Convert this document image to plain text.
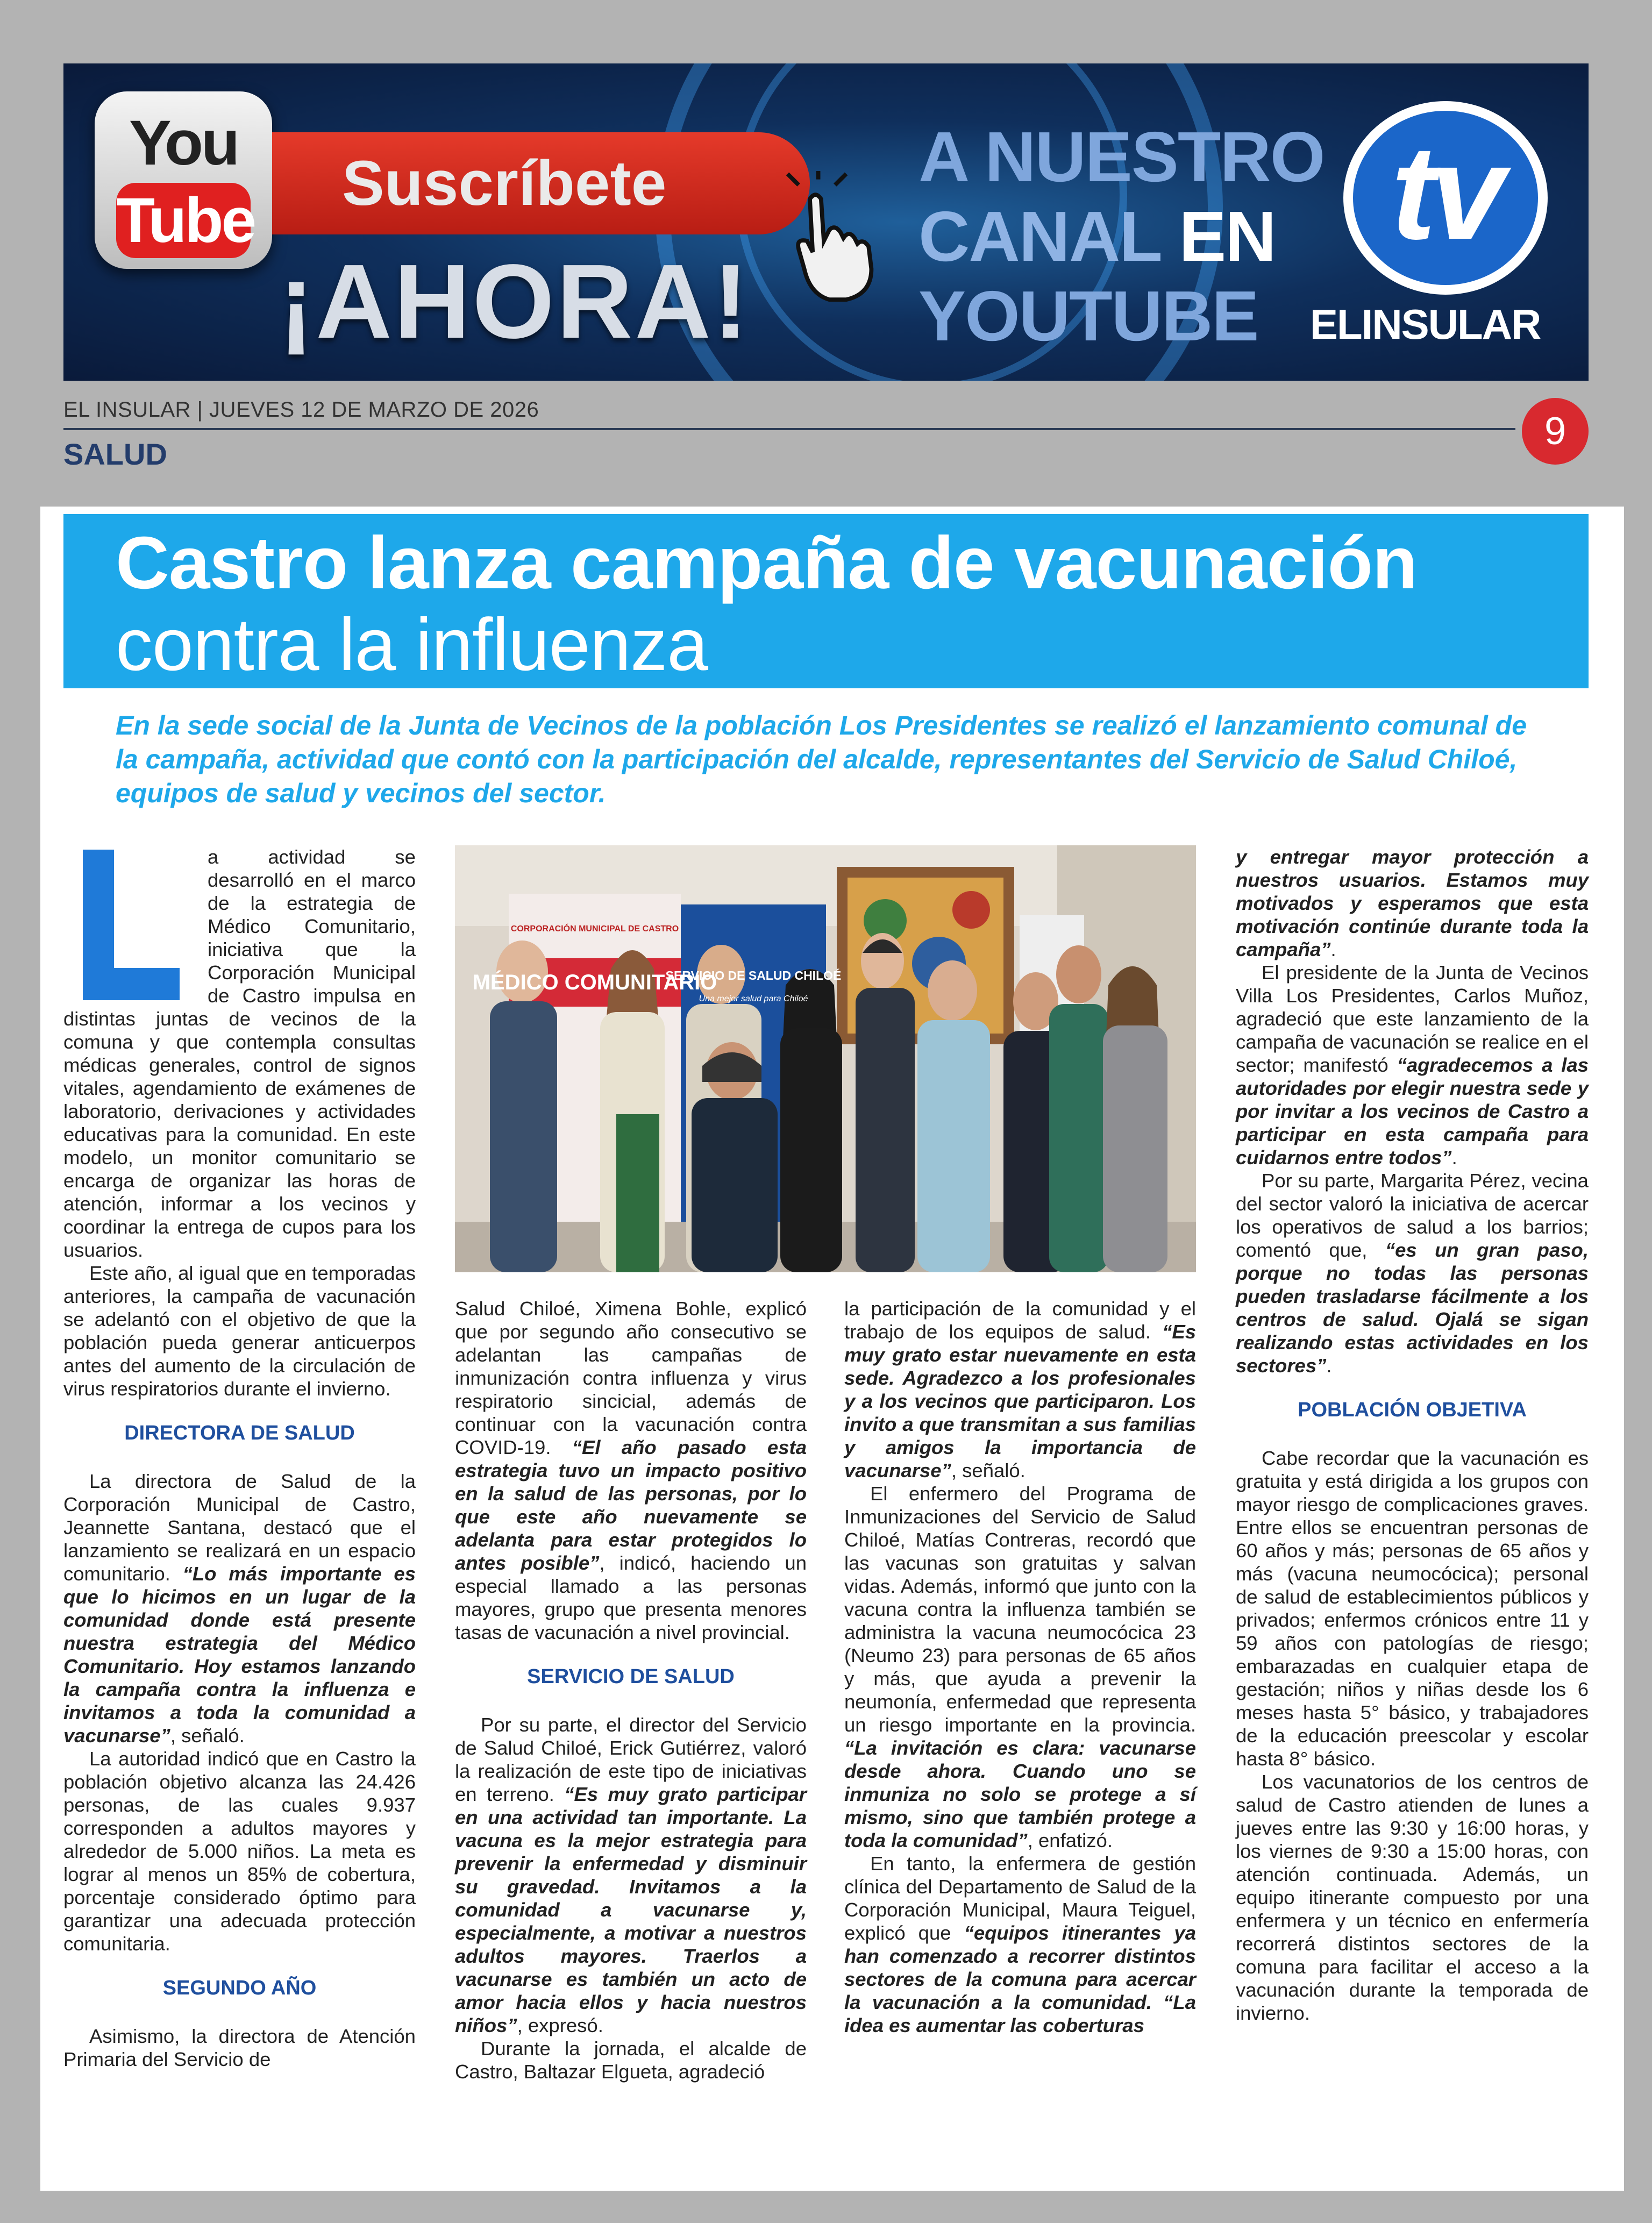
You
Tube
Suscríbete
¡AHORA!
A NUESTRO
CANAL EN
YOUTUBE
tv
ELINSULAR
EL INSULAR | JUEVES 12 DE MARZO DE 2026	9
SALUD
Castro lanza campaña de vacunación
contra la influenza
En la sede social de la Junta de Vecinos de la población Los Presidentes se realizó el lanzamiento comunal de la campaña, actividad que contó con la participación del alcalde, representantes del Servicio de Salud Chiloé, equipos de salud y vecinos del sector.

a actividad se desarrolló en el marco de la estrategia de Médico Comunitario, iniciativa que la Corporación Municipal de Castro impulsa en distintas juntas de vecinos de la comuna y que contempla consultas médicas generales, control de signos vitales, agendamiento de exámenes de laboratorio, derivaciones y actividades educativas para la comunidad. En este modelo, un monitor comunitario se encarga de organizar las horas de atención, informar a los vecinos y coordinar la entrega de cupos para los usuarios.

Este año, al igual que en temporadas anteriores, la campaña de vacunación se adelantó con el objetivo de que la población pueda generar anticuerpos antes del aumento de la circulación de virus respiratorios durante el invierno.

DIRECTORA DE SALUD

La directora de Salud de la Corporación Municipal de Castro, Jeannette Santana, destacó que el lanzamiento se realizará en un espacio comunitario. “Lo más importante es que lo hicimos en un lugar de la comunidad donde está presente nuestra estrategia del Médico Comunitario. Hoy estamos lanzando la campaña contra la influenza e invitamos a toda la comunidad a vacunarse”, señaló.

La autoridad indicó que en Castro la población objetivo alcanza las 24.426 personas, de las cuales 9.937 corresponden a adultos mayores y alrededor de 5.000 niños. La meta es lograr al menos un 85% de cobertura, porcentaje considerado óptimo para garantizar una adecuada protección comunitaria.

SEGUNDO AÑO

Asimismo, la directora de Atención Primaria del Servicio de

CORPORACIÓN MUNICIPAL DE CASTRO
MÉDICO COMUNITARIO
SERVICIO DE SALUD CHILOÉ
Una mejor salud para Chiloé

Salud Chiloé, Ximena Bohle, explicó que por segundo año consecutivo se adelantan las campañas de inmunización contra influenza y virus respiratorio sincicial, además de continuar con la vacunación contra COVID-19. “El año pasado esta estrategia tuvo un impacto positivo en la salud de las personas, por lo que este año nuevamente se adelanta para estar protegidos lo antes posible”, indicó, haciendo un especial llamado a las personas mayores, grupo que presenta menores tasas de vacunación a nivel provincial.

SERVICIO DE SALUD

Por su parte, el director del Servicio de Salud Chiloé, Erick Gutiérrez, valoró la realización de este tipo de iniciativas en terreno. “Es muy grato participar en una actividad tan importante. La vacuna es la mejor estrategia para prevenir la enfermedad y disminuir su gravedad. Invitamos a la comunidad a vacunarse y, especialmente, a motivar a nuestros adultos mayores. Traerlos a vacunarse es también un acto de amor hacia ellos y hacia nuestros niños”, expresó.

Durante la jornada, el alcalde de Castro, Baltazar Elgueta, agradeció

la participación de la comunidad y el trabajo de los equipos de salud. “Es muy grato estar nuevamente en esta sede. Agradezco a los profesionales y a los vecinos que participaron. Los invito a que transmitan a sus familias y amigos la importancia de vacunarse”, señaló.

El enfermero del Programa de Inmunizaciones del Servicio de Salud Chiloé, Matías Contreras, recordó que las vacunas son gratuitas y salvan vidas. Además, informó que junto con la vacuna contra la influenza también se administra la vacuna neumocócica 23 (Neumo 23) para personas de 65 años y más, que ayuda a prevenir la neumonía, enfermedad que representa un riesgo importante en la provincia. “La invitación es clara: vacunarse desde ahora. Cuando uno se inmuniza no solo se protege a sí mismo, sino que también protege a toda la comunidad”, enfatizó.

En tanto, la enfermera de gestión clínica del Departamento de Salud de la Corporación Municipal, Maura Teiguel, explicó que “equipos itinerantes ya han comenzado a recorrer distintos sectores de la comuna para acercar la vacunación a la comunidad. “La idea es aumentar las coberturas

y entregar mayor protección a nuestros usuarios. Estamos muy motivados y esperamos que esta motivación continúe durante toda la campaña”.

El presidente de la Junta de Vecinos Villa Los Presidentes, Carlos Muñoz, agradeció que este lanzamiento de la campaña de vacunación se realice en el sector; manifestó “agradecemos a las autoridades por elegir nuestra sede y por invitar a los vecinos de Castro a participar en esta campaña para cuidarnos entre todos”.

Por su parte, Margarita Pérez, vecina del sector valoró la iniciativa de acercar los operativos de salud a los barrios; comentó que, “es un gran paso, porque no todas las personas pueden trasladarse fácilmente a los centros de salud. Ojalá se sigan realizando estas actividades en los sectores”.

POBLACIÓN OBJETIVA

Cabe recordar que la vacunación es gratuita y está dirigida a los grupos con mayor riesgo de complicaciones graves. Entre ellos se encuentran personas de 60 años y más; personas de 65 años y más (vacuna neumocócica); personal de salud de establecimientos públicos y privados; enfermos crónicos entre 11 y 59 años con patologías de riesgo; embarazadas en cualquier etapa de gestación; niños y niñas desde los 6 meses hasta 5° básico, y trabajadores de la educación preescolar y escolar hasta 8° básico.

Los vacunatorios de los centros de salud de Castro atienden de lunes a jueves entre las 9:30 y 16:00 horas, y los viernes de 9:30 a 15:00 horas, con atención continuada. Además, un equipo itinerante compuesto por una enfermera y un técnico en enfermería recorrerá distintos sectores de la comuna para facilitar el acceso a la vacunación durante la temporada de invierno.
